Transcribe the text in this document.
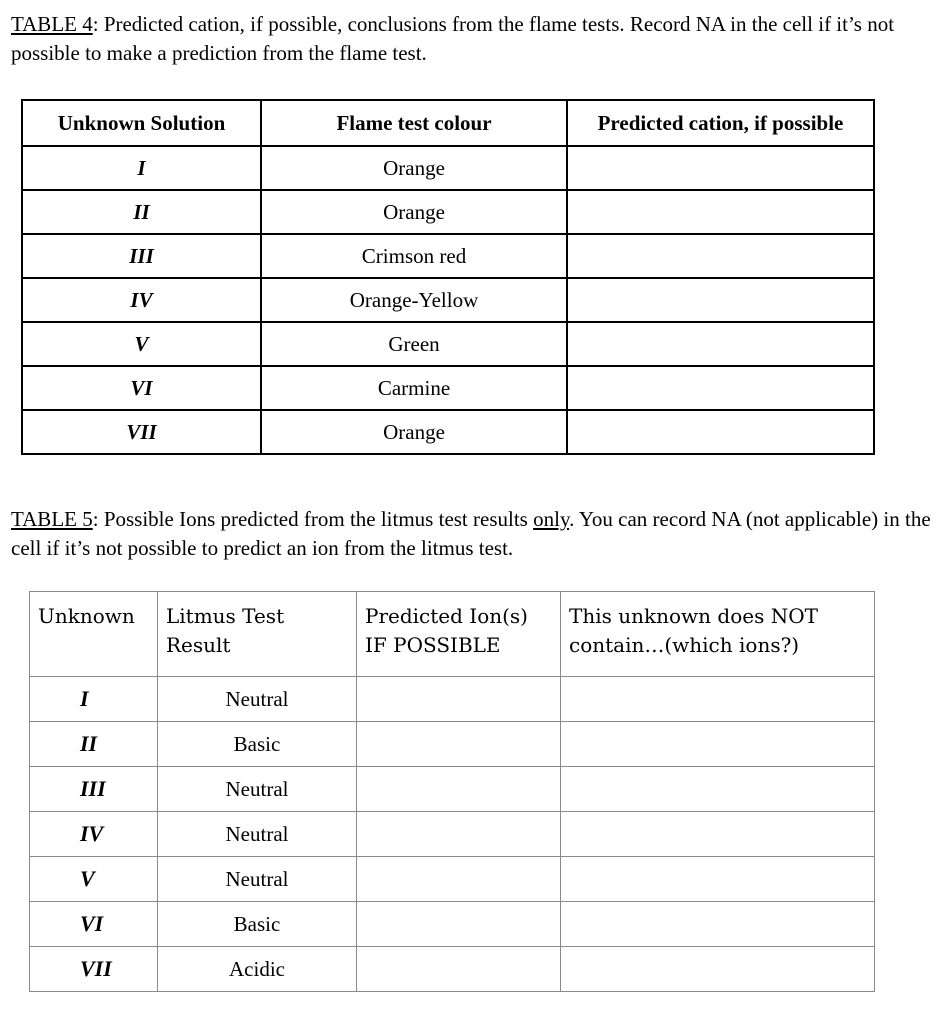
TABLE 4: Predicted cation, if possible, conclusions from the flame tests. Record NA in the cell if it’s not possible to make a prediction from the flame test.
Unknown Solution	Flame test colour	Predicted cation, if possible
I	Orange	
II	Orange	
III	Crimson red	
IV	Orange-Yellow	
V	Green	
VI	Carmine	
VII	Orange	
TABLE 5: Possible Ions predicted from the litmus test results only. You can record NA (not applicable) in the cell if it’s not possible to predict an ion from the litmus test.
Unknown	Litmus Test Result	Predicted Ion(s) IF POSSIBLE	This unknown does NOT contain…(which ions?)
I	Neutral		
II	Basic		
III	Neutral		
IV	Neutral		
V	Neutral		
VI	Basic		
VII	Acidic		
